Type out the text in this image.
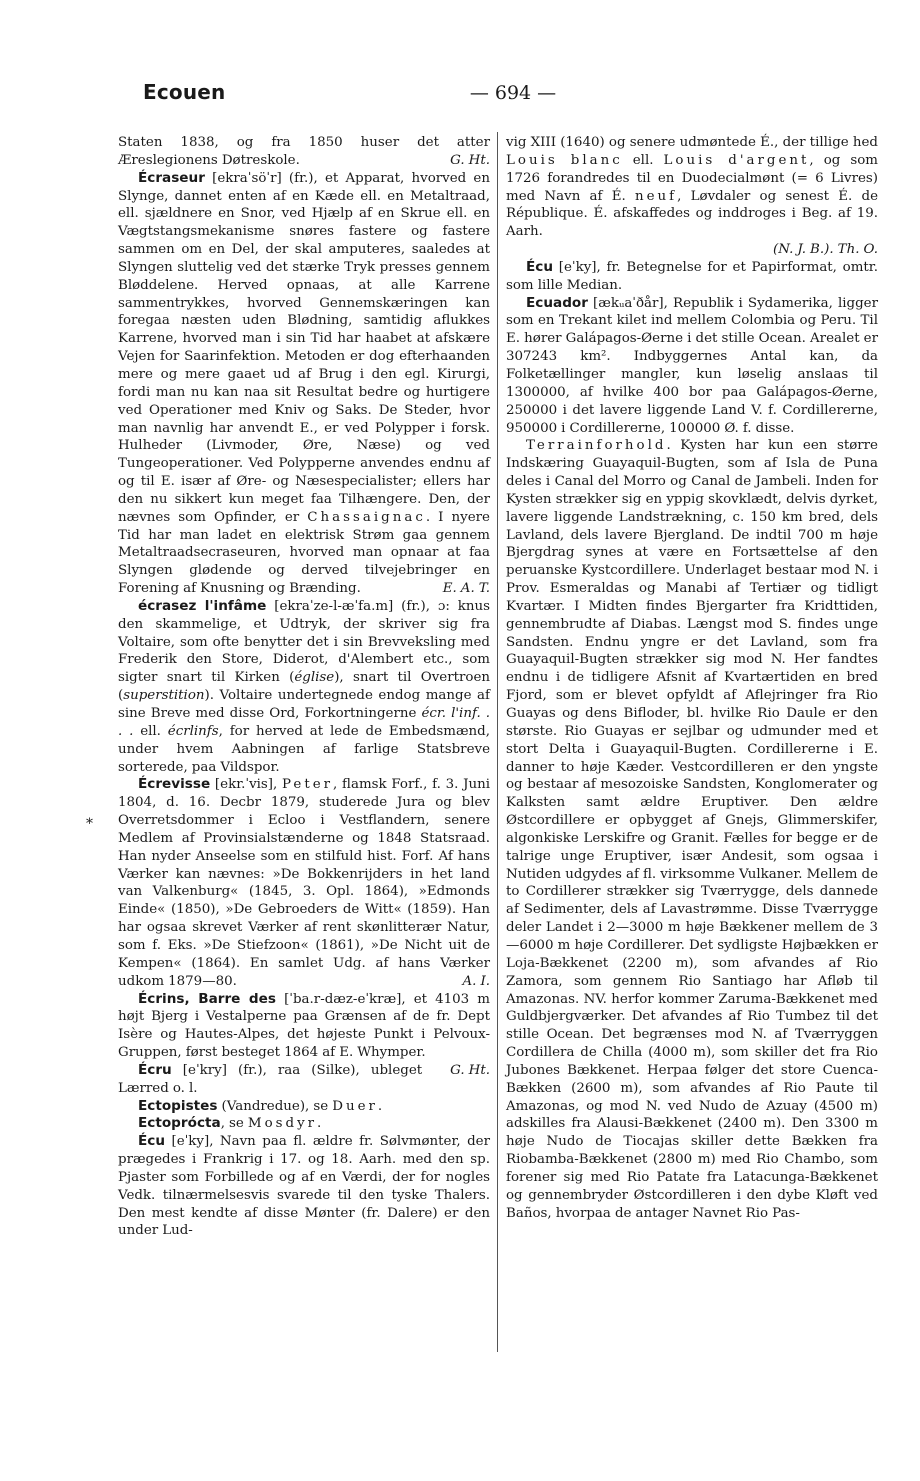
Ecouen	— 694 —
*

Staten 1838, og fra 1850 huser det atter Æreslegionens Døtreskole.	G. Ht.

Écraseur [ekraˈsöˈr] (fr.), et Apparat, hvorved en Slynge, dannet enten af en Kæde ell. en Metaltraad, ell. sjældnere en Snor, ved Hjælp af en Skrue ell. en Vægtstangsmekanisme snøres fastere og fastere sammen om en Del, der skal amputeres, saaledes at Slyngen sluttelig ved det stærke Tryk presses gennem Bløddelene. Herved opnaas, at alle Karrene sammentrykkes, hvorved Gennemskæringen kan foregaa næsten uden Blødning, samtidig aflukkes Karrene, hvorved man i sin Tid har haabet at afskære Vejen for Saarinfektion. Metoden er dog efterhaanden mere og mere gaaet ud af Brug i den egl. Kirurgi, fordi man nu kan naa sit Resultat bedre og hurtigere ved Operationer med Kniv og Saks. De Steder, hvor man navnlig har anvendt E., er ved Polypper i forsk. Hulheder (Livmoder, Øre, Næse) og ved Tungeoperationer. Ved Polypperne anvendes endnu af og til E. især af Øre- og Næsespecialister; ellers har den nu sikkert kun meget faa Tilhængere. Den, der nævnes som Opfinder, er Chassaignac. I nyere Tid har man ladet en elektrisk Strøm gaa gennem Metaltraadsecraseuren, hvorved man opnaar at faa Slyngen glødende og derved tilvejebringer en Forening af Knusning og Brænding.	E. A. T.

écrasez l'infâme [ekraˈze-l-æˈfa.m] (fr.), ɔ: knus den skammelige, et Udtryk, der skriver sig fra Voltaire, som ofte benytter det i sin Brevveksling med Frederik den Store, Diderot, d'Alembert etc., som sigter snart til Kirken (église), snart til Overtroen (superstition). Voltaire undertegnede endog mange af sine Breve med disse Ord, Forkortningerne écr. l'inf. . . . ell. écrlinfs, for herved at lede de Embedsmænd, under hvem Aabningen af farlige Statsbreve sorterede, paa Vildspor.

Écrevisse [ekr.ˈvis], Peter, flamsk Forf., f. 3. Juni 1804, d. 16. Decbr 1879, studerede Jura og blev Overretsdommer i Ecloo i Vestflandern, senere Medlem af Provinsialstænderne og 1848 Statsraad. Han nyder Anseelse som en stilfuld hist. Forf. Af hans Værker kan nævnes: »De Bokkenrijders in het land van Valkenburg« (1845, 3. Opl. 1864), »Edmonds Einde« (1850), »De Gebroeders de Witt« (1859). Han har ogsaa skrevet Værker af rent skønlitterær Natur, som f. Eks. »De Stiefzoon« (1861), »De Nicht uit de Kempen« (1864). En samlet Udg. af hans Værker udkom 1879—80.	A. I.

Écrins, Barre des [ˈba.r-dæz-eˈkræ], et 4103 m højt Bjerg i Vestalperne paa Grænsen af de fr. Dept Isère og Hautes-Alpes, det højeste Punkt i Pelvoux-Gruppen, først besteget 1864 af E. Whymper.
G. Ht.

Écru [eˈkry] (fr.), raa (Silke), ubleget Lærred o. l.

Ectopistes (Vandredue), se Duer.

Ectoprócta, se Mosdyr.

Écu [eˈky], Navn paa fl. ældre fr. Sølvmønter, der prægedes i Frankrig i 17. og 18. Aarh. med den sp. Pjaster som Forbillede og af en Værdi, der for nogles Vedk. tilnærmelsesvis svarede til den tyske Thalers. Den mest kendte af disse Mønter (fr. Dalere) er den under Lud-

vig XIII (1640) og senere udmøntede É., der tillige hed Louis blanc ell. Louis d'argent, og som 1726 forandredes til en Duodecialmønt (= 6 Livres) med Navn af É. neuf, Løvdaler og senest É. de République. É. afskaffedes og inddroges i Beg. af 19. Aarh.

(N. J. B.). Th. O.

Écu [eˈky], fr. Betegnelse for et Papirformat, omtr. som lille Median.

Ecuador [ækᵤaˈðår], Republik i Sydamerika, ligger som en Trekant kilet ind mellem Colombia og Peru. Til E. hører Galápagos-Øerne i det stille Ocean. Arealet er 307243 km². Indbyggernes Antal kan, da Folketællinger mangler, kun løselig anslaas til 1300000, af hvilke 400 bor paa Galápagos-Øerne, 250000 i det lavere liggende Land V. f. Cordillererne, 950000 i Cordillererne, 100000 Ø. f. disse.

Terrainforhold. Kysten har kun een større Indskæring Guayaquil-Bugten, som af Isla de Puna deles i Canal del Morro og Canal de Jambeli. Inden for Kysten strækker sig en yppig skovklædt, delvis dyrket, lavere liggende Landstrækning, c. 150 km bred, dels Lavland, dels lavere Bjergland. De indtil 700 m høje Bjergdrag synes at være en Fortsættelse af den peruanske Kystcordillere. Underlaget bestaar mod N. i Prov. Esmeraldas og Manabi af Tertiær og tidligt Kvartær. I Midten findes Bjergarter fra Kridttiden, gennembrudte af Diabas. Længst mod S. findes unge Sandsten. Endnu yngre er det Lavland, som fra Guayaquil-Bugten strækker sig mod N. Her fandtes endnu i de tidligere Afsnit af Kvartærtiden en bred Fjord, som er blevet opfyldt af Aflejringer fra Rio Guayas og dens Bifloder, bl. hvilke Rio Daule er den største. Rio Guayas er sejlbar og udmunder med et stort Delta i Guayaquil-Bugten. Cordillererne i E. danner to høje Kæder. Vestcordilleren er den yngste og bestaar af mesozoiske Sandsten, Konglomerater og Kalksten samt ældre Eruptiver. Den ældre Østcordillere er opbygget af Gnejs, Glimmerskifer, algonkiske Lerskifre og Granit. Fælles for begge er de talrige unge Eruptiver, især Andesit, som ogsaa i Nutiden udgydes af fl. virksomme Vulkaner. Mellem de to Cordillerer strækker sig Tværrygge, dels dannede af Sedimenter, dels af Lavastrømme. Disse Tværrygge deler Landet i 2—3000 m høje Bækkener mellem de 3—6000 m høje Cordillerer. Det sydligste Højbækken er Loja-Bækkenet (2200 m), som afvandes af Rio Zamora, som gennem Rio Santiago har Afløb til Amazonas. NV. herfor kommer Zaruma-Bækkenet med Guldbjergværker. Det afvandes af Rio Tumbez til det stille Ocean. Det begrænses mod N. af Tværryggen Cordillera de Chilla (4000 m), som skiller det fra Rio Jubones Bækkenet. Herpaa følger det store Cuenca-Bækken (2600 m), som afvandes af Rio Paute til Amazonas, og mod N. ved Nudo de Azuay (4500 m) adskilles fra Alausi-Bækkenet (2400 m). Den 3300 m høje Nudo de Tiocajas skiller dette Bækken fra Riobamba-Bækkenet (2800 m) med Rio Chambo, som forener sig med Rio Patate fra Latacunga-Bækkenet og gennembryder Østcordilleren i den dybe Kløft ved Baños, hvorpaa de antager Navnet Rio Pas-
